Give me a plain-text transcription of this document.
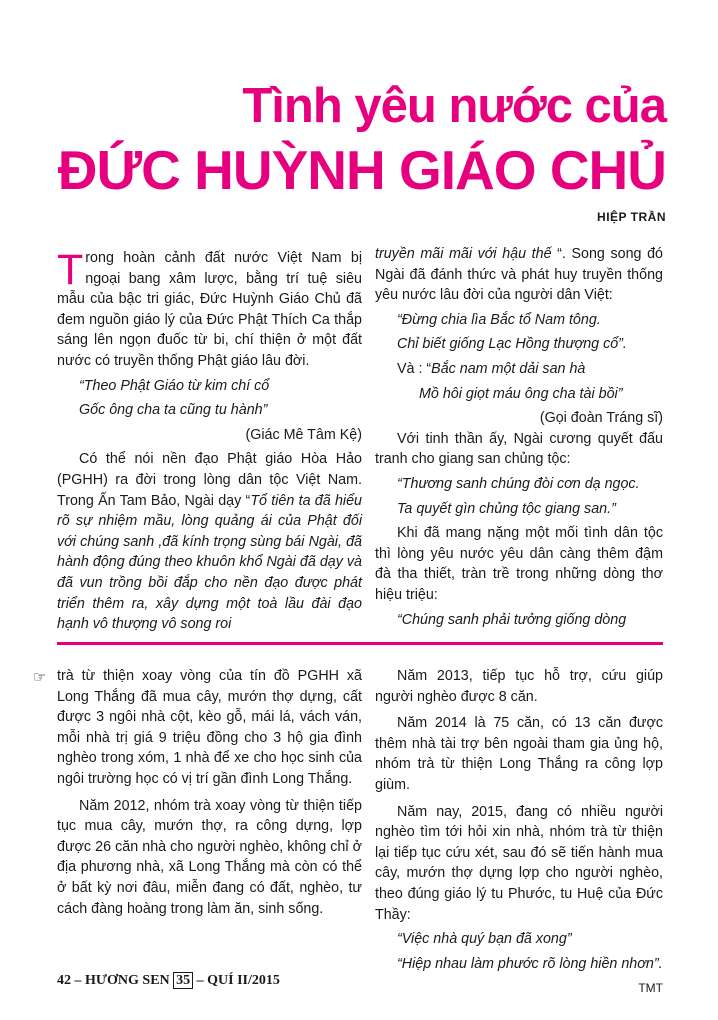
Tình yêu nước của
ĐỨC HUỲNH GIÁO CHỦ
HIỆP TRẦN

Trong hoàn cảnh đất nước Việt Nam bị ngoại bang xâm lược, bằng trí tuệ siêu mẫu của bậc tri giác, Đức Huỳnh Giáo Chủ đã đem nguồn giáo lý của Đức Phật Thích Ca thắp sáng lên ngọn đuốc từ bi, chí thiện ở một đất nước có truyền thống Phật giáo lâu đời.

“Theo Phật Giáo từ kim chí cổ

Gốc ông cha ta cũng tu hành”

(Giác Mê Tâm Kệ)

Có thể nói nền đạo Phật giáo Hòa Hảo (PGHH) ra đời trong lòng dân tộc Việt Nam. Trong Ấn Tam Bảo, Ngài dạy “Tổ tiên ta đã hiểu rõ sự nhiệm mầu, lòng quảng ái của Phật đối với chúng sanh ,đã kính trọng sùng bái Ngài, đã hành động đúng theo khuôn khổ Ngài đã dạy và đã vun trồng bồi đắp cho nền đạo được phát triển thêm ra, xây dựng một toà lầu đài đạo hạnh vô thượng vô song roi

truyền mãi mãi với hậu thế “. Song song đó Ngài đã đánh thức và phát huy truyền thống yêu nước lâu đời của người dân Việt:

“Đừng chia lìa Bắc tổ Nam tông.

Chỉ biết giống Lạc Hồng thượng cổ”.

Và : “Bắc nam một dải san hà

Mồ hôi giọt máu ông cha tài bồi”

(Gọi đoàn Tráng sĩ)

Với tinh thần ấy, Ngài cương quyết đấu tranh cho giang san chủng tộc:

“Thương sanh chúng đòi cơn dạ ngọc.

Ta quyết gìn chủng tộc giang san.”

Khi đã mang nặng một mối tình dân tộc thì lòng yêu nước yêu dân càng thêm đậm đà tha thiết, tràn trề trong những dòng thơ hiệu triệu:

“Chúng sanh phải tưởng giống dòng

☞ trà từ thiện xoay vòng của tín đồ PGHH xã Long Thắng đã mua cây, mướn thợ dựng, cất được 3 ngôi nhà cột, kèo gỗ, mái lá, vách ván, mỗi nhà trị giá 9 triệu đồng cho 3 hộ gia đình nghèo trong xóm, 1 nhà để xe cho học sinh của ngôi trường học có vị trí gần đình Long Thắng.

Năm 2012, nhóm trà xoay vòng từ thiện tiếp tục mua cây, mướn thợ, ra công dựng, lợp được 26 căn nhà cho người nghèo, không chỉ ở địa phương nhà, xã Long Thắng mà còn có thể ở bất kỳ nơi đâu, miễn đang có đất, nghèo, tư cách đàng hoàng trong làm ăn, sinh sống.

Năm 2013, tiếp tục hỗ trợ, cứu giúp người nghèo được 8 căn.

Năm 2014 là 75 căn, có 13 căn được thêm nhà tài trợ bên ngoài tham gia ủng hộ, nhóm trà từ thiện Long Thắng ra công lợp giùm.

Năm nay, 2015, đang có nhiều người nghèo tìm tới hỏi xin nhà, nhóm trà từ thiện lại tiếp tục cứu xét, sau đó sẽ tiến hành mua cây, mướn thợ dựng lợp cho người nghèo, theo đúng giáo lý tu Phước, tu Huệ của Đức Thầy:

“Việc nhà quý bạn đã xong”

“Hiệp nhau làm phước rõ lòng hiền nhơn”.

TMT

42 – HƯƠNG SEN 35 – QUÍ II/2015
